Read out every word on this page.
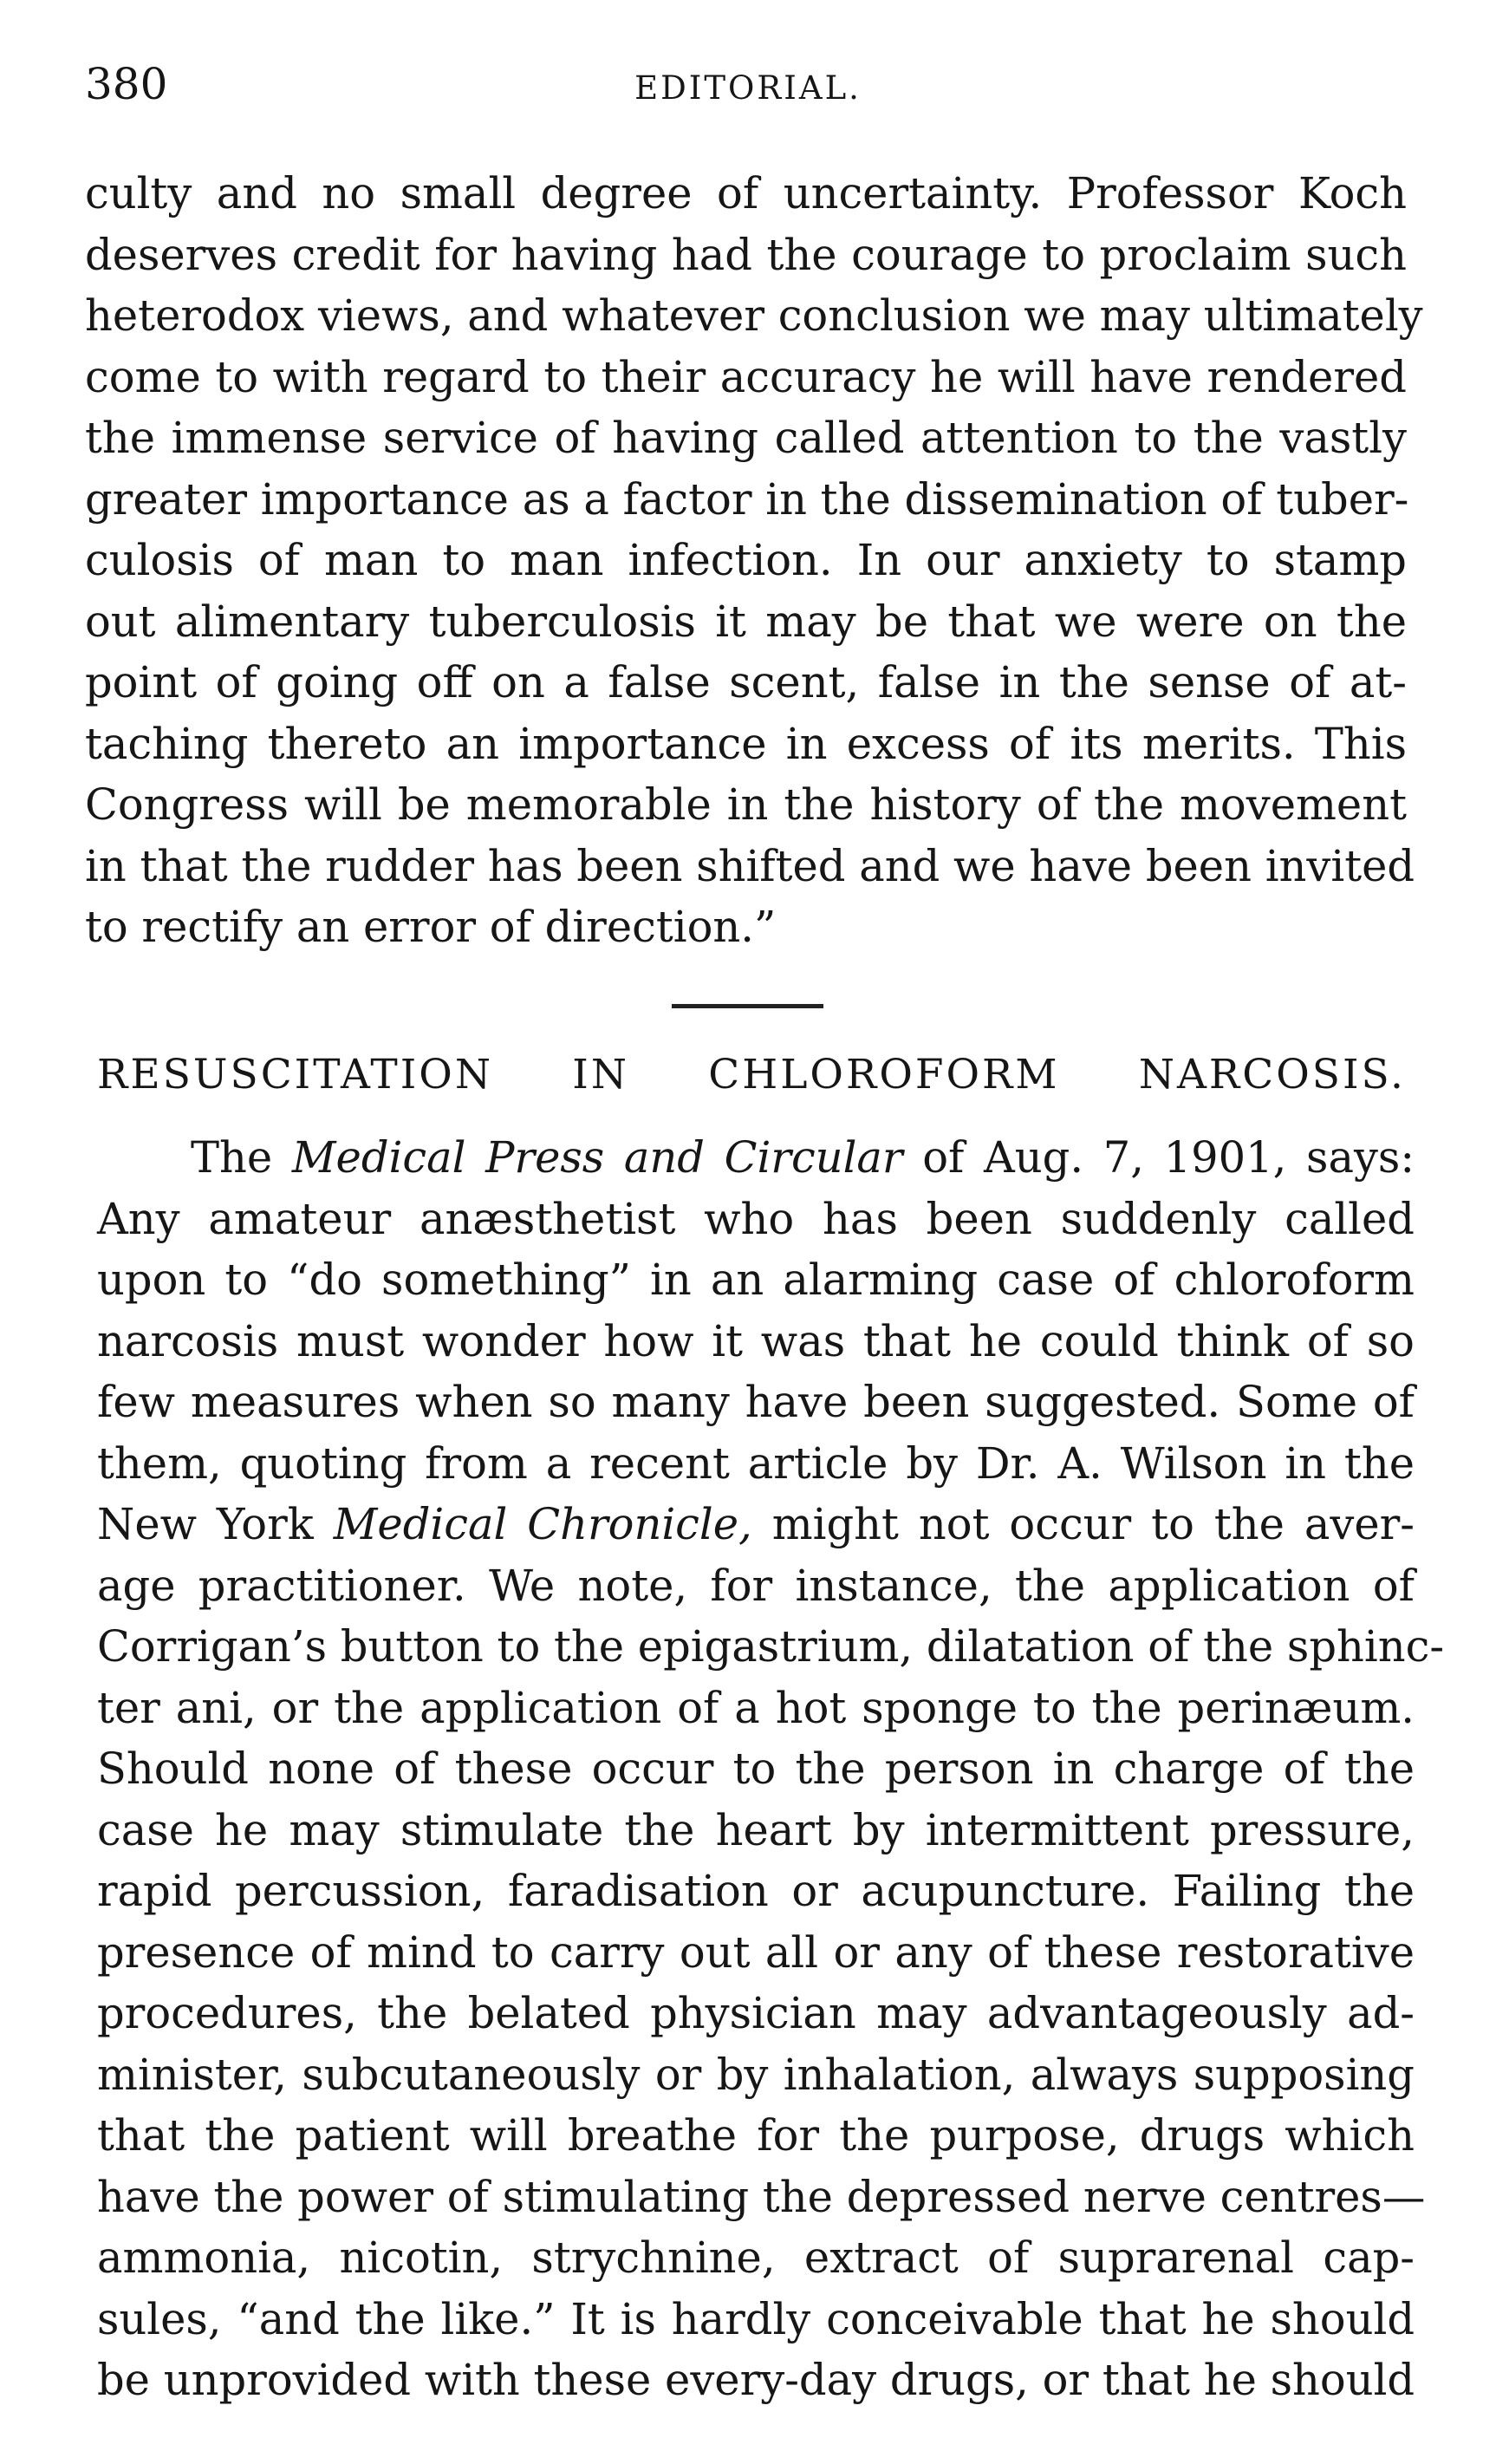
380	EDITORIAL.
culty and no small degree of uncertainty. Professor Koch
deserves credit for having had the courage to proclaim such
heterodox views, and whatever conclusion we may ultimately
come to with regard to their accuracy he will have rendered
the immense service of having called attention to the vastly
greater importance as a factor in the dissemination of tuber-
culosis of man to man infection. In our anxiety to stamp
out alimentary tuberculosis it may be that we were on the
point of going off on a false scent, false in the sense of at-
taching thereto an importance in excess of its merits. This
Congress will be memorable in the history of the movement
in that the rudder has been shifted and we have been invited
to rectify an error of direction.”
RESUSCITATION IN CHLOROFORM NARCOSIS.
The Medical Press and Circular of Aug. 7, 1901, says:
Any amateur anæsthetist who has been suddenly called
upon to “do something” in an alarming case of chloroform
narcosis must wonder how it was that he could think of so
few measures when so many have been suggested. Some of
them, quoting from a recent article by Dr. A. Wilson in the
New York Medical Chronicle, might not occur to the aver-
age practitioner. We note, for instance, the application of
Corrigan’s button to the epigastrium, dilatation of the sphinc-
ter ani, or the application of a hot sponge to the perinæum.
Should none of these occur to the person in charge of the
case he may stimulate the heart by intermittent pressure,
rapid percussion, faradisation or acupuncture. Failing the
presence of mind to carry out all or any of these restorative
procedures, the belated physician may advantageously ad-
minister, subcutaneously or by inhalation, always supposing
that the patient will breathe for the purpose, drugs which
have the power of stimulating the depressed nerve centres—
ammonia, nicotin, strychnine, extract of suprarenal cap-
sules, “and the like.” It is hardly conceivable that he should
be unprovided with these every-day drugs, or that he should
